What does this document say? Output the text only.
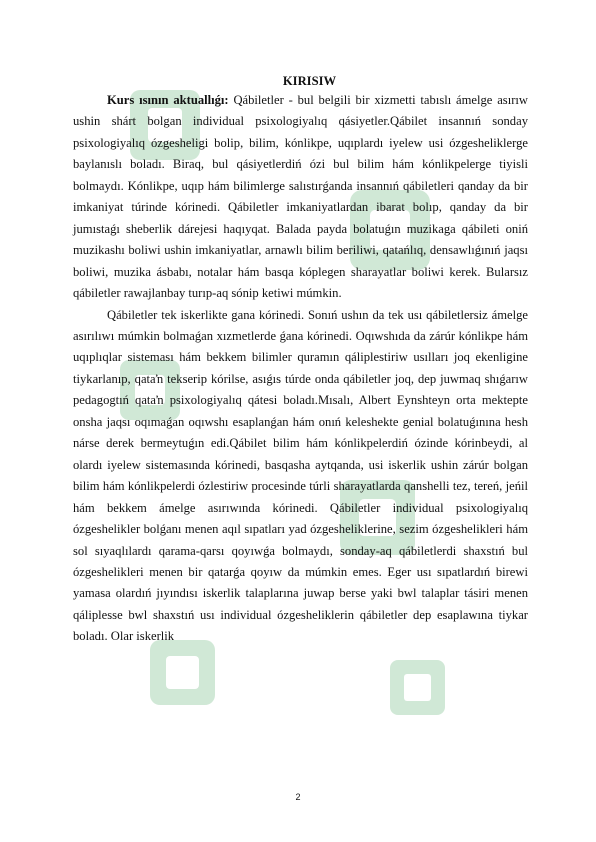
KIRISIW

Kurs ısının aktuallıǵı: Qábiletler - bul belgili bir xizmetti tabıslı ámelge asırıw ushin shárt bolgan individual psixologiyalıq qásiyetler.Qábilet insannıń sonday psixologiyalıq ózgesheligi bolip, bilim, kónlikpe, uqıplardı iyelew usi ózgesheliklerge baylanıslı boladı. Biraq, bul qásiyetlerdiń ózi bul bilim hám kónlikpelerge tiyisli bolmaydı. Kónlikpe, uqıp hám bilimlerge salıstırǵanda insannıń qábiletleri qanday da bir imkaniyat túrinde kórinedi. Qábiletler imkaniyatlardan ibarat bolıp, qanday da bir jumıstaǵı sheberlik dárejesi haqıyqat. Balada payda bolatuǵın muzikaga qábileti oniń muzikashı boliwi ushin imkaniyatlar, arnawlı bilim beriliwi, qatańlıq, densawlıǵınıń jaqsı boliwi, muzika ásbabı, notalar hám basqa kóplegen sharayatlar boliwi kerek. Bularsız qábiletler rawajlanbay turıp-aq sónip ketiwi múmkin.

Qábiletler tek iskerlikte gana kórinedi. Sonıń ushın da tek usı qábiletlersiz ámelge asırılıwı múmkin bolmaǵan xızmetlerde ǵana kórinedi. Oqıwshıda da zárúr kónlikpe hám uqıplıqlar sisteması hám bekkem bilimler quramın qáliplestiriw usılları joq ekenligine tiykarlanıp, qataŉ tekserip kórilse, asıǵıs túrde onda qábiletler joq, dep juwmaq shıǵarıw pedagogtıń qataŉ psixologiyalıq qátesi boladı.Mısalı, Albert Eynshteyn orta mektepte onsha jaqsı oqımaǵan oqıwshı esaplanǵan hám onıń keleshekte genial bolatuǵınına hesh nárse derek bermeytuǵın edi.Qábilet bilim hám kónlikpelerdiń ózinde kórinbeydi, al olardı iyelew sistemasında kórinedi, basqasha aytqanda, usi iskerlik ushin zárúr bolgan bilim hám kónlikpelerdi ózlestiriw procesinde túrli sharayatlarda qanshelli tez, tereń, jeńil hám bekkem ámelge asırıwında kórinedi. Qábiletler individual psixologiyalıq ózgeshelikler bolǵanı menen aqıl sıpatları yad ózgesheliklerine, sezim ózgeshelikleri hám sol sıyaqlılardı qarama-qarsı qoyıwǵa bolmaydı, sonday-aq qábiletlerdi shaxstıń bul ózgeshelikleri menen bir qatarǵa qoyıw da múmkin emes. Eger usı sıpatlardıń birewi yamasa olardıń jıyındısı iskerlik talaplarına juwap berse yaki bwl talaplar tásiri menen qáliplesse bwl shaxstıń usı individual ózgesheliklerin qábiletler dep esaplawına tiykar boladı. Olar iskerlik

2
